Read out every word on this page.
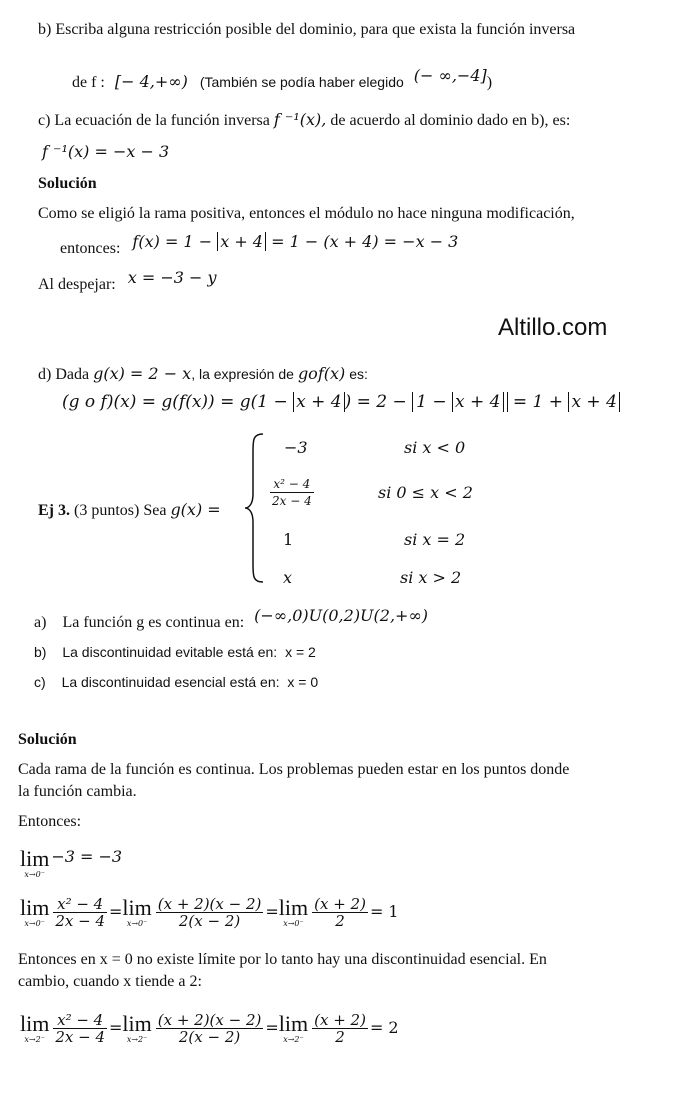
b) Escriba alguna restricción posible del dominio, para que exista la función inversa
de f : [− 4,+∞) (También se podía haber elegido (− ∞,−4])
c) La ecuación de la función inversa f ⁻¹(x), de acuerdo al dominio dado en b), es:
f ⁻¹(x) = −x − 3
Solución
Como se eligió la rama positiva, entonces el módulo no hace ninguna modificación,
entonces: f(x) = 1 − x + 4 = 1 − (x + 4) = −x − 3
Al despejar: x = −3 − y
Altillo.com
d) Dada g(x) = 2 − x, la expresión de gof(x) es:
(g o f)(x) = g(f(x)) = g(1 − x + 4 ) = 2 − 1 − x + 4 = 1 + x + 4
Ej 3. (3 puntos) Sea g(x) =
−3	si x < 0
$\frac{\text{x² − 4}}{2x - 4}$	si 0 ≤ x < 2
1	si x = 2
x	si x > 2
a) La función g es continua en: (−∞,0)U(0,2)U(2,+∞)
b) La discontinuidad evitable está en: x = 2
c) La discontinuidad esencial está en: x = 0
Solución
Cada rama de la función es continua. Los problemas pueden estar en los puntos donde
la función cambia.
Entonces:
lim
x→0⁻
−3 = −3
lim
$x\to 0^- \frac{\text{x² − 4}}{2x - 4} = \lim$
$x\to 0^- \frac{(x + 2)(x - 2)}{2(x - 2)} = \lim$
$x\to 0^- \frac{(x + 2)}{2} = 1$
Entonces en x = 0 no existe límite por lo tanto hay una discontinuidad esencial. En
cambio, cuando x tiende a 2:
lim
$x\to 2^- \frac{\text{x² − 4}}{2x - 4} = \lim$
$x\to 2^- \frac{(x + 2)(x - 2)}{2(x - 2)} = \lim$
$x\to 2^- \frac{(x + 2)}{2} = 2$
